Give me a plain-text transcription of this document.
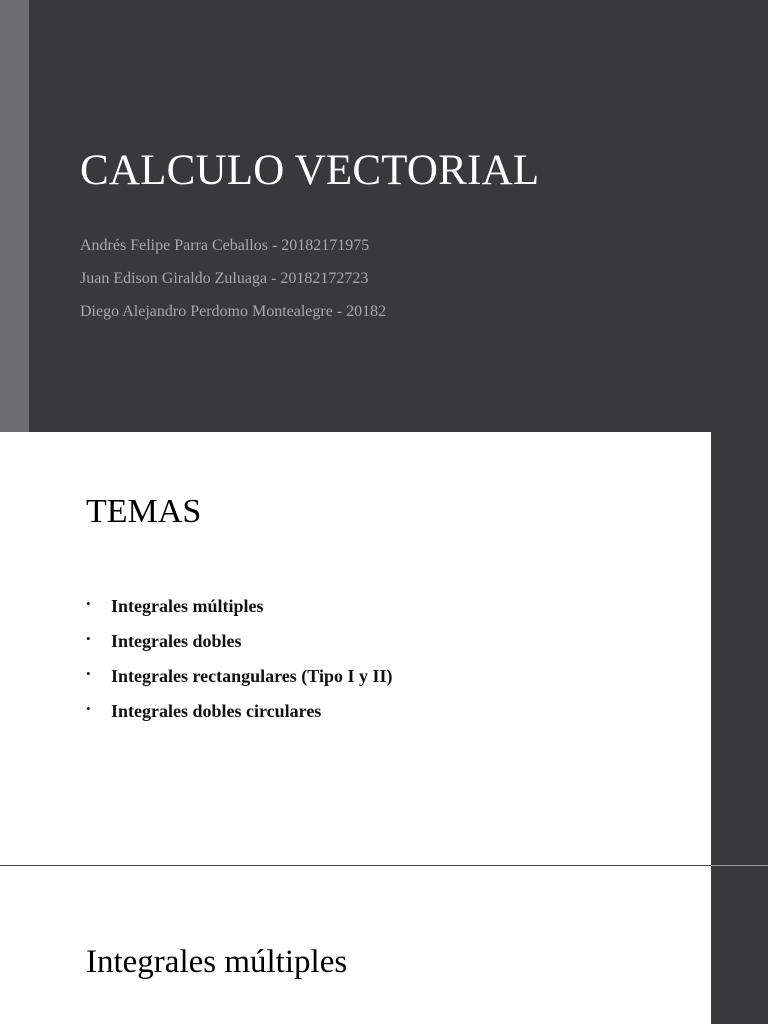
CALCULO VECTORIAL
Andrés Felipe Parra Ceballos - 20182171975
Juan Edison Giraldo Zuluaga - 20182172723
Diego Alejandro Perdomo Montealegre - 20182
TEMAS
• Integrales múltiples
• Integrales dobles
• Integrales rectangulares (Tipo I y II)
• Integrales dobles circulares
Integrales múltiples
